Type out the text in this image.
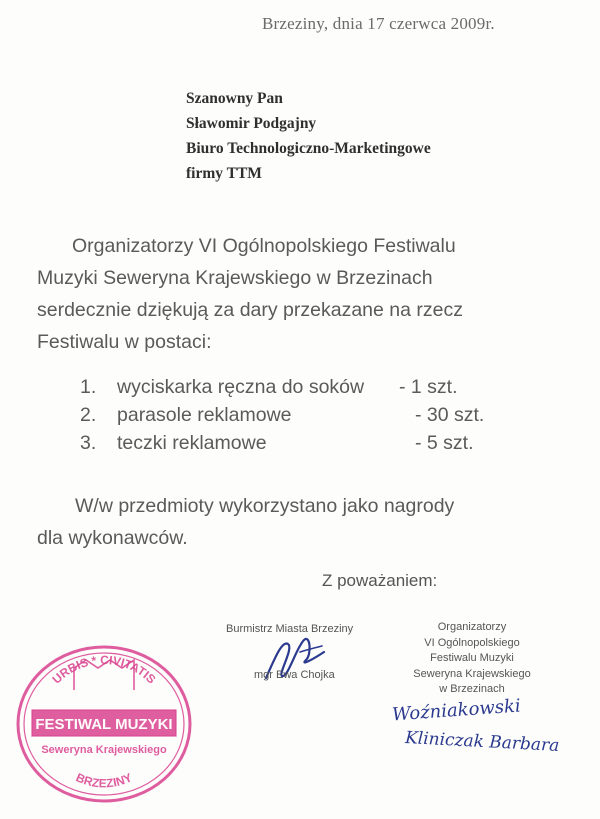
Brzeziny, dnia 17 czerwca 2009r.
Szanowny Pan
Sławomir Podgajny
Biuro Technologiczno-Marketingowe
firmy TTM
Organizatorzy VI Ogólnopolskiego Festiwalu
Muzyki Seweryna Krajewskiego w Brzezinach
serdecznie dziękują za dary przekazane na rzecz
Festiwalu w postaci:
1.	wyciskarka ręczna do soków - 1 szt.
2.	parasole reklamowe	- 30 szt.
3.	teczki reklamowe	- 5 szt.
W/w przedmioty wykorzystano jako nagrody
dla wykonawców.
Z poważaniem:
Burmistrz Miasta Brzeziny
mgr Ewa Chojka
Organizatorzy
VI Ogólnopolskiego
Festiwalu Muzyki
Seweryna Krajewskiego
w Brzezinach
Woźniakowski
Kliniczak Barbara
URBIS * CIVITATIS
FESTIWAL MUZYKI
Seweryna Krajewskiego
BRZEZINY
